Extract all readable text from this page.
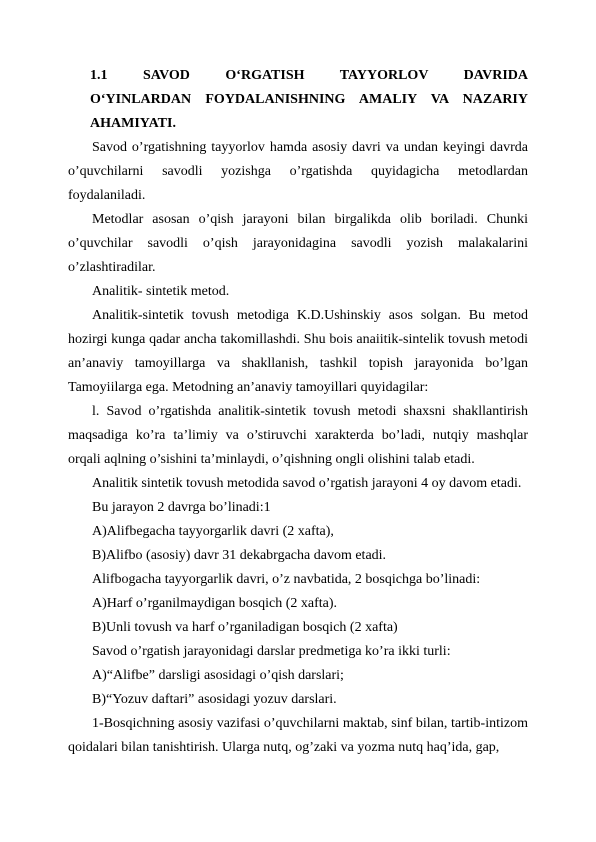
1.1 SAVOD O‘RGATISH TAYYORLOV DAVRIDA
O‘YINLARDAN FOYDALANISHNING AMALIY VA NAZARIY
AHAMIYATI.

Savod o’rgatishning tayyorlov hamda asosiy davri va undan keyingi davrda o’quvchilarni savodli yozishga o’rgatishda quyidagicha metodlardan foydalaniladi.

Metodlar asosan o’qish jarayoni bilan birgalikda olib boriladi. Chunki o’quvchilar savodli o’qish jarayonidagina savodli yozish malakalarini o’zlashtiradilar.

Analitik- sintetik metod.

Analitik-sintetik tovush metodiga K.D.Ushinskiy asos solgan. Bu metod hozirgi kunga qadar ancha takomillashdi. Shu bois anaiitik-sintelik tovush metodi an’anaviy tamoyillarga va shakllanish, tashkil topish jarayonida bo’lgan Tamoyiilarga ega. Metodning an’anaviy tamoyillari quyidagilar:

l. Savod o’rgatishda analitik-sintetik tovush metodi shaxsni shakllantirish maqsadiga ko’ra ta’limiy va o’stiruvchi xarakterda bo’ladi, nutqiy mashqlar orqali aqlning o’sishini ta’minlaydi, o’qishning ongli olishini talab etadi.

Analitik sintetik tovush metodida savod o’rgatish jarayoni 4 oy davom etadi.

Bu jarayon 2 davrga bo’linadi:1

A)Alifbegacha tayyorgarlik davri (2 xafta),

B)Alifbo (asosiy) davr 31 dekabrgacha davom etadi.

Alifbogacha tayyorgarlik davri, o’z navbatida, 2 bosqichga bo’linadi:

A)Harf o’rganilmaydigan bosqich (2 xafta).

B)Unli tovush va harf o’rganiladigan bosqich (2 xafta)

Savod o’rgatish jarayonidagi darslar predmetiga ko’ra ikki turli:

A)“Alifbe” darsligi asosidagi o’qish darslari;

B)“Yozuv daftari” asosidagi yozuv darslari.

1-Bosqichning asosiy vazifasi o’quvchilarni maktab, sinf bilan, tartib-intizom qoidalari bilan tanishtirish. Ularga nutq, og’zaki va yozma nutq haq’ida, gap,
